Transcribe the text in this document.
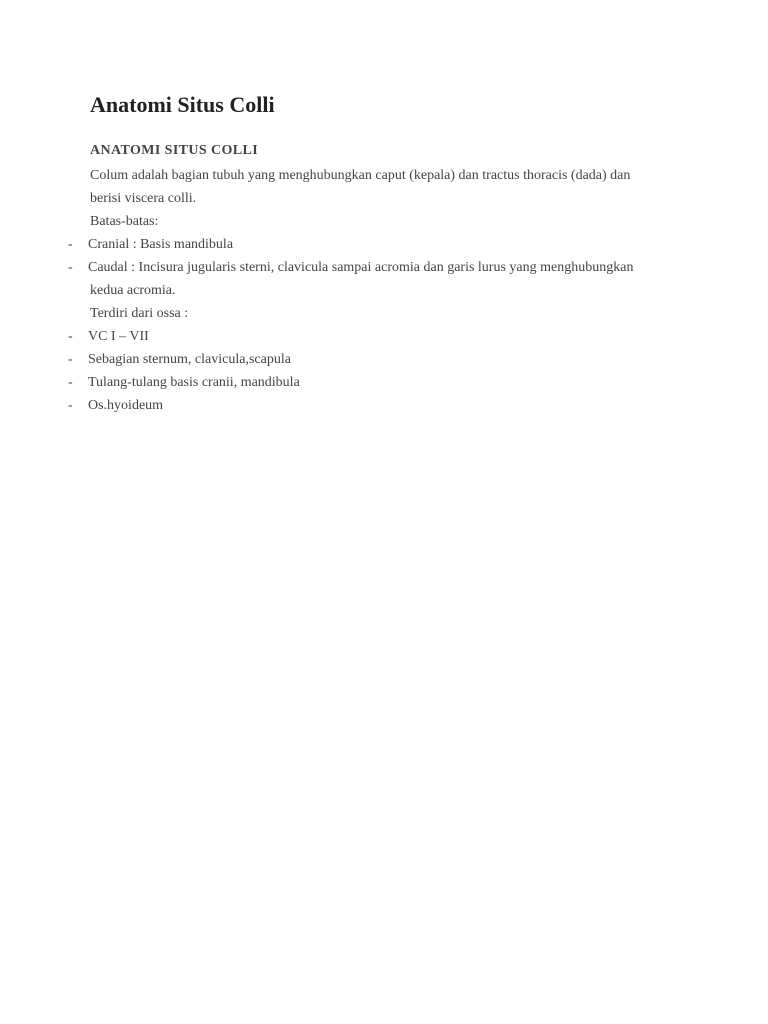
Anatomi Situs Colli
ANATOMI SITUS COLLI

Colum adalah bagian tubuh yang menghubungkan caput (kepala) dan tractus thoracis (dada) dan
berisi viscera colli.

Batas-batas:

- Cranial : Basis mandibula
- Caudal : Incisura jugularis sterni, clavicula sampai acromia dan garis lurus yang menghubungkan
kedua acromia.

Terdiri dari ossa :

- VC I – VII
- Sebagian sternum, clavicula,scapula
- Tulang-tulang basis cranii, mandibula
- Os.hyoideum
